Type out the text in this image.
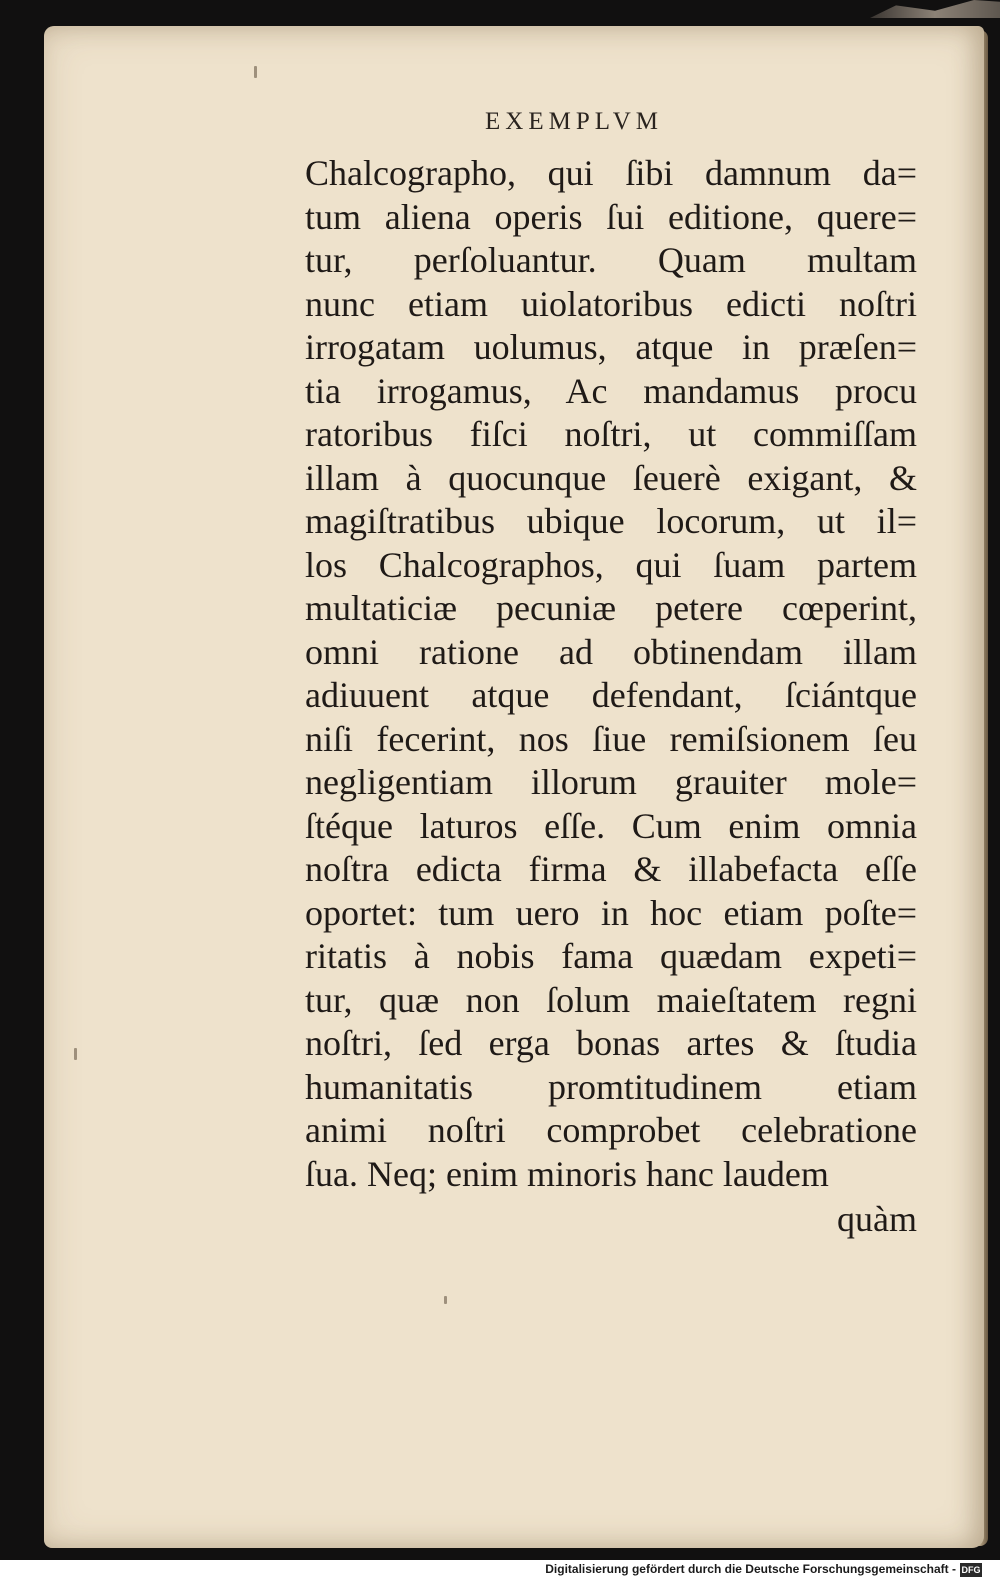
EXEMPLVM
Chalcographo, qui ſibi damnum da=
tum aliena operis ſui editione, quere=
tur, perſoluantur. Quam multam
nunc etiam uiolatoribus edicti noſtri
irrogatam uolumus, atque in præſen=
tia irrogamus, Ac mandamus procu
ratoribus fiſci noſtri, ut commiſſam
illam à quocunque ſeuerè exigant, &
magiſtratibus ubique locorum, ut il=
los Chalcographos, qui ſuam partem
multaticiæ pecuniæ petere cœperint,
omni ratione ad obtinendam illam
adiuuent atque defendant, ſciántque
niſi fecerint, nos ſiue remiſsionem ſeu
negligentiam illorum grauiter mole=
ſtéque laturos eſſe. Cum enim omnia
noſtra edicta firma & illabefacta eſſe
oportet: tum uero in hoc etiam poſte=
ritatis à nobis fama quædam expeti=
tur, quæ non ſolum maieſtatem regni
noſtri, ſed erga bonas artes & ſtudia
humanitatis promtitudinem etiam
animi noſtri comprobet celebratione
ſua. Neq; enim minoris hanc laudem
quàm
Digitalisierung gefördert durch die Deutsche Forschungsgemeinschaft - DFG
